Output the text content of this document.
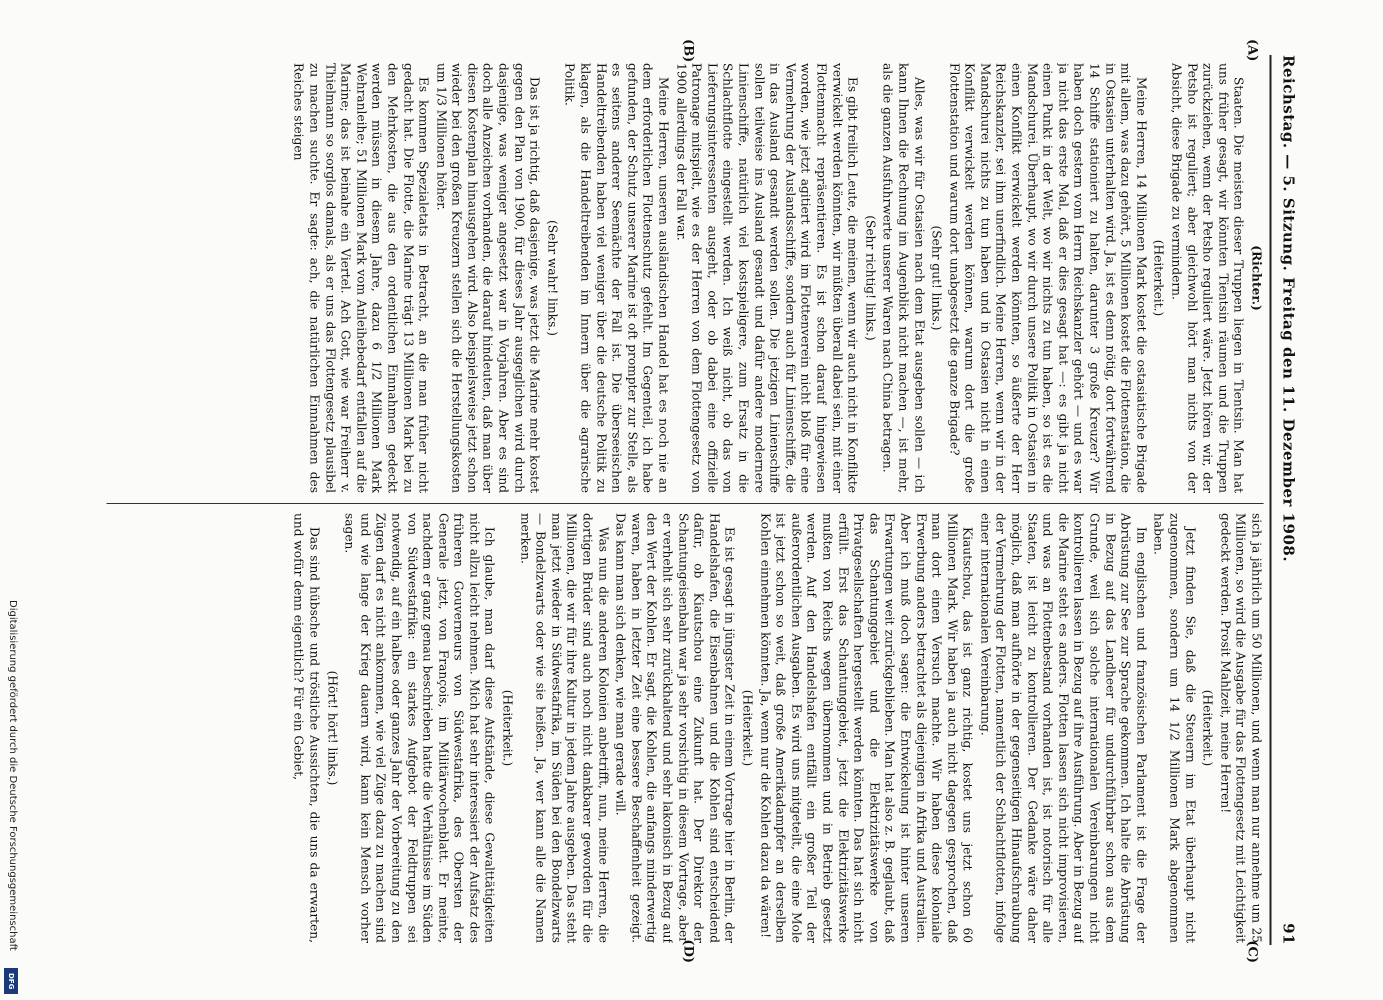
Reichstag. — 5. Sitzung. Freitag den 11. Dezember 1908.
91
(A)
(B)
(C)
(D)

(Richter.)

Staaten. Die meisten dieser Truppen liegen in Tientsin. Man hat uns früher gesagt, wir könnten Tientsin räumen und die Truppen zurückziehen, wenn der Petsho reguliert wäre. Jetzt hören wir, der Petsho ist reguliert; aber gleichwohl hört man nichts von der Absicht, diese Brigade zu vermindern.

(Heiterkeit.)

Meine Herren, 14 Millionen Mark kostet die ostasiatische Brigade mit allem, was dazu gehört, 5 Millionen kostet die Flottenstation, die in Ostasien unterhalten wird. Ja, ist es denn nötig, dort fortwährend 14 Schiffe stationiert zu halten, darunter 3 große Kreuzer? Wir haben doch gestern vom Herrn Reichskanzler gehört — und es war ja nicht das erste Mal, daß er dies gesagt hat —: es gibt ja nicht einen Punkt in der Welt, wo wir nichts zu tun haben, so ist es die Mandschurei. Überhaupt, wo wir durch unsere Politik in Ostasien in einen Konflikt verwickelt werden könnten, so äußerte der Herr Reichskanzler, sei ihm unerfindlich. Meine Herren, wenn wir in der Mandschurei nichts zu tun haben und in Ostasien nicht in einen Konflikt verwickelt werden können, warum dort die große Flottenstation und warum dort unabgesetzt die ganze Brigade?

(Sehr gut! links.)

Alles, was wir für Ostasien nach dem Etat ausgeben sollen — ich kann Ihnen die Rechnung im Augenblick nicht machen —, ist mehr, als die ganzen Ausfuhrwerte unserer Waren nach China betragen.

(Sehr richtig! links.)

Es gibt freilich Leute, die meinen, wenn wir auch nicht in Konflikte verwickelt werden könnten, wir müßten überall dabei sein, mit einer Flottenmacht repräsentieren. Es ist schon darauf hingewiesen worden, wie jetzt agitiert wird im Flottenverein nicht bloß für eine Vermehrung der Auslandsschiffe, sondern auch für Linienschiffe, die in das Ausland gesandt werden sollen. Die jetzigen Linienschiffe sollen teilweise ins Ausland gesandt und dafür andere modernere Linienschiffe, natürlich viel kostspieligere, zum Ersatz in die Schlachtflotte eingestellt werden. Ich weiß nicht, ob das von Lieferungsinteressenten ausgeht, oder ob dabei eine offizielle Patronage mitspielt, wie es der Herren von dem Flottengesetz von 1900 allerdings der Fall war.

Meine Herren, unseren ausländischen Handel hat es noch nie an dem erforderlichen Flottenschutz gefehlt. Im Gegenteil, ich habe gefunden, der Schutz unserer Marine ist oft prompter zur Stelle, als es seitens anderer Seemächte der Fall ist. Die überseeischen Handeltreibenden haben viel weniger über die deutsche Politik zu klagen, als die Handeltreibenden im Innern über die agrarische Politik.

(Sehr wahr! links.)

Das ist ja richtig, daß dasjenige, was jetzt die Marine mehr kostet gegen den Plan von 1900, für dieses Jahr ausgeglichen wird durch dasjenige, was weniger angesetzt war in Vorjahren. Aber es sind doch alle Anzeichen vorhanden, die darauf hindeuten, daß man über diesen Kostenplan hinausgehen wird. Also beispielsweise jetzt schon wieder bei den großen Kreuzern stellen sich die Herstellungskosten um 1/3 Millionen höher.

Es kommen Spezialetats in Betracht, an die man früher nicht gedacht hat. Die Flotte, die Marine trägt 13 Millionen Mark bei zu den Mehrkosten, die aus den ordentlichen Einnahmen gedeckt werden müssen in diesem Jahre, dazu 6 1/2 Millionen Mark Wehranleihe; 51 Millionen Mark vom Anleihebedarf entfallen auf die Marine; das ist beinahe ein Viertel. Ach Gott, wie war Freiherr v. Thielmann so sorglos damals, als er uns das Flottengesetz plausibel zu machen suchte. Er sagte: ach, die natürlichen Einnahmen des Reiches steigen

sich ja jährlich um 50 Millionen, und wenn man nur annehme um 25 Millionen, so wird die Ausgabe für das Flottengesetz mit Leichtigkeit gedeckt werden. Prosit Mahlzeit, meine Herren!

(Heiterkeit.)

Jetzt finden Sie, daß die Steuern im Etat überhaupt nicht zugenommen, sondern um 14 1/2 Millionen Mark abgenommen haben.

Im englischen und französischen Parlament ist die Frage der Abrüstung zur See zur Sprache gekommen. Ich halte die Abrüstung in Bezug auf das Landheer für undurchführbar schon aus dem Grunde, weil sich solche internationalen Vereinbarungen nicht kontrollieren lassen in Bezug auf ihre Ausführung. Aber in Bezug auf die Marine steht es anders. Flotten lassen sich nicht improvisieren, und was an Flottenbestand vorhanden ist, ist notorisch für alle Staaten, ist leicht zu kontrollieren. Der Gedanke wäre daher möglich, daß man aufhörte in der gegenseitigen Hinaufschraubung der Vermehrung der Flotten, namentlich der Schlachtflotten, infolge einer internationalen Vereinbarung.

Kiautschou, das ist ganz richtig, kostet uns jetzt schon 60 Millionen Mark. Wir haben ja auch nicht dagegen gesprochen, daß man dort einen Versuch machte. Wir haben diese koloniale Erwerbung anders betrachtet als diejenigen in Afrika und Australien. Aber ich muß doch sagen: die Entwickelung ist hinter unseren Erwartungen weit zurückgeblieben. Man hat also z. B. geglaubt, daß das Schantunggebiet und die Elektrizitätswerke von Privatgesellschaften hergestellt werden könnten. Das hat sich nicht erfüllt. Erst das Schantunggebiet, jetzt die Elektrizitätswerke mußten von Reichs wegen übernommen und in Betrieb gesetzt werden. Auf den Handelshafen entfällt ein großer Teil der außerordentlichen Ausgaben. Es wird uns mitgeteilt, die eine Mole ist jetzt schon so weit, daß große Amerikadampfer an derselben Kohlen einnehmen könnten. Ja, wenn nur die Kohlen dazu da wären!

(Heiterkeit.)

Es ist gesagt in jüngster Zeit in einem Vortrage hier in Berlin, der Handelshafen, die Eisenbahnen und die Kohlen sind entscheidend dafür, ob Kiautschou eine Zukunft hat. Der Direktor der Schantungeisenbahn war ja sehr vorsichtig in diesem Vortrage, aber er verhehlt sich sehr zurückhaltend und sehr lakonisch in Bezug auf den Wert der Kohlen. Er sagt, die Kohlen, die anfangs minderwertig waren, haben in letzter Zeit eine bessere Beschaffenheit gezeigt. Das kann man sich denken, wie man gerade will.

Was nun die anderen Kolonien anbetrifft, nun, meine Herren, die dortigen Brüder sind auch noch nicht dankbarer geworden für die Millionen, die wir für ihre Kultur in jedem Jahre ausgeben. Das steht man jetzt wieder in Südwestafrika, im Süden bei den Bondelzwarts — Bondelzwarts oder wie sie heißen. Ja, wer kann alle die Namen merken.

(Heiterkeit.)

Ich glaube, man darf diese Aufstände, diese Gewalttätigkeiten nicht allzu leicht nehmen. Mich hat sehr interessiert der Aufsatz des früheren Gouverneurs von Südwestafrika, des Obersten der Generale jetzt, von François, im Militärwochenblatt. Er meinte, nachdem er ganz genau beschrieben hatte die Verhältnisse im Süden von Südwestafrika: ein starkes Aufgebot der Feldtruppen sei notwendig, auf ein halbes oder ganzes Jahr der Vorbereitung zu den Zügen darf es nicht ankommen, wie viel Züge dazu zu machen sind und wie lange der Krieg dauern wird, kann kein Mensch vorher sagen.

(Hört! hört! links.)

Das sind hübsche und tröstliche Aussichten, die uns da erwarten, und wofür denn eigentlich? Für ein Gebiet,

Digitalisierung gefördert durch die Deutsche Forschungsgemeinschaft
DFG
